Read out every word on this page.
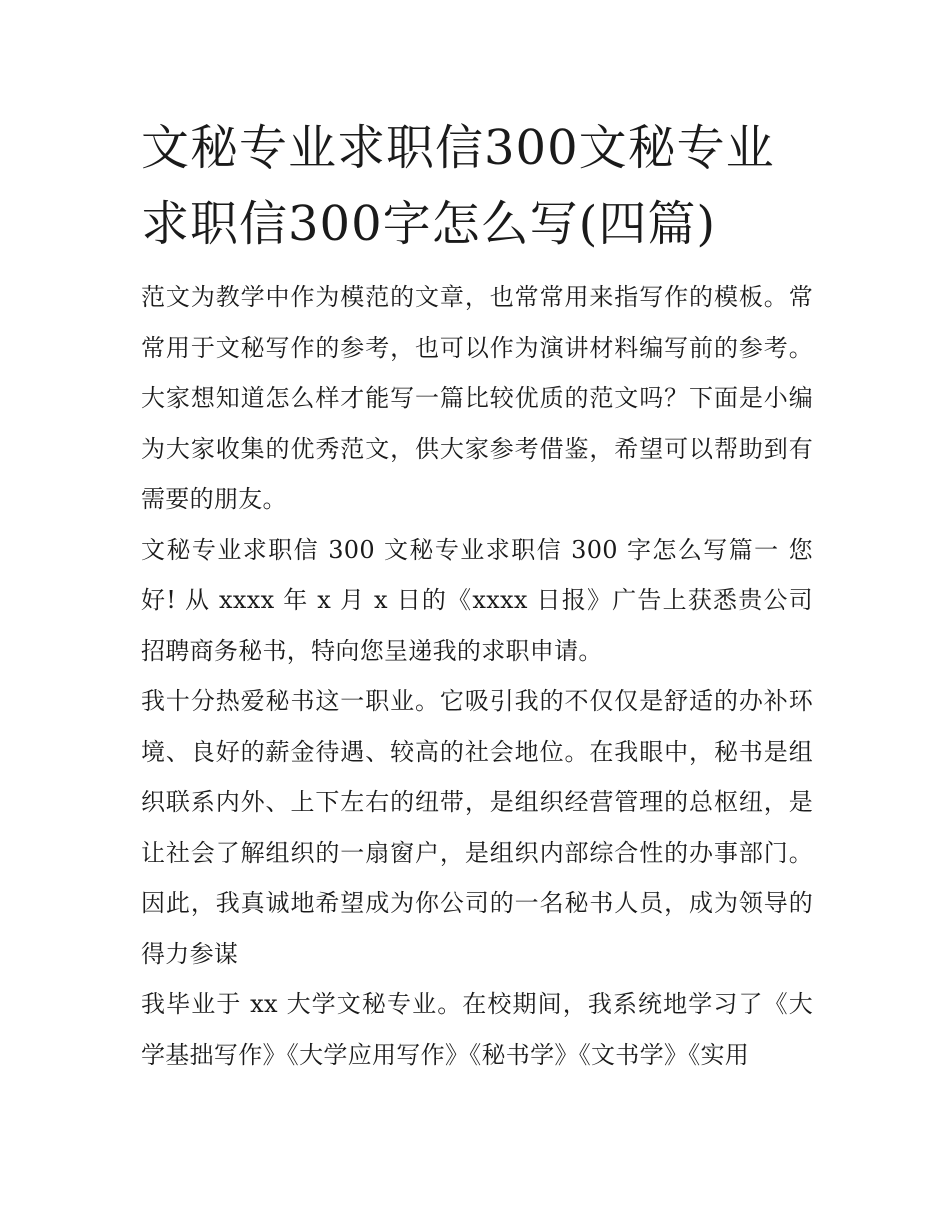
文秘专业求职信300文秘专业求职信300字怎么写(四篇)

范文为教学中作为模范的文章，也常常用来指写作的模板。常常用于文秘写作的参考，也可以作为演讲材料编写前的参考。大家想知道怎么样才能写一篇比较优质的范文吗？下面是小编为大家收集的优秀范文，供大家参考借鉴，希望可以帮助到有需要的朋友。

文秘专业求职信 300 文秘专业求职信 300 字怎么写篇一 您好! 从 xxxx 年 x 月 x 日的《xxxx 日报》广告上获悉贵公司招聘商务秘书，特向您呈递我的求职申请。

我十分热爱秘书这一职业。它吸引我的不仅仅是舒适的办补环境、良好的薪金待遇、较高的社会地位。在我眼中，秘书是组织联系内外、上下左右的纽带，是组织经营管理的总枢纽，是让社会了解组织的一扇窗户，是组织内部综合性的办事部门。因此，我真诚地希望成为你公司的一名秘书人员，成为领导的得力参谋

我毕业于 xx 大学文秘专业。在校期间，我系统地学习了《大学基拙写作》《大学应用写作》《秘书学》《文书学》《实用
